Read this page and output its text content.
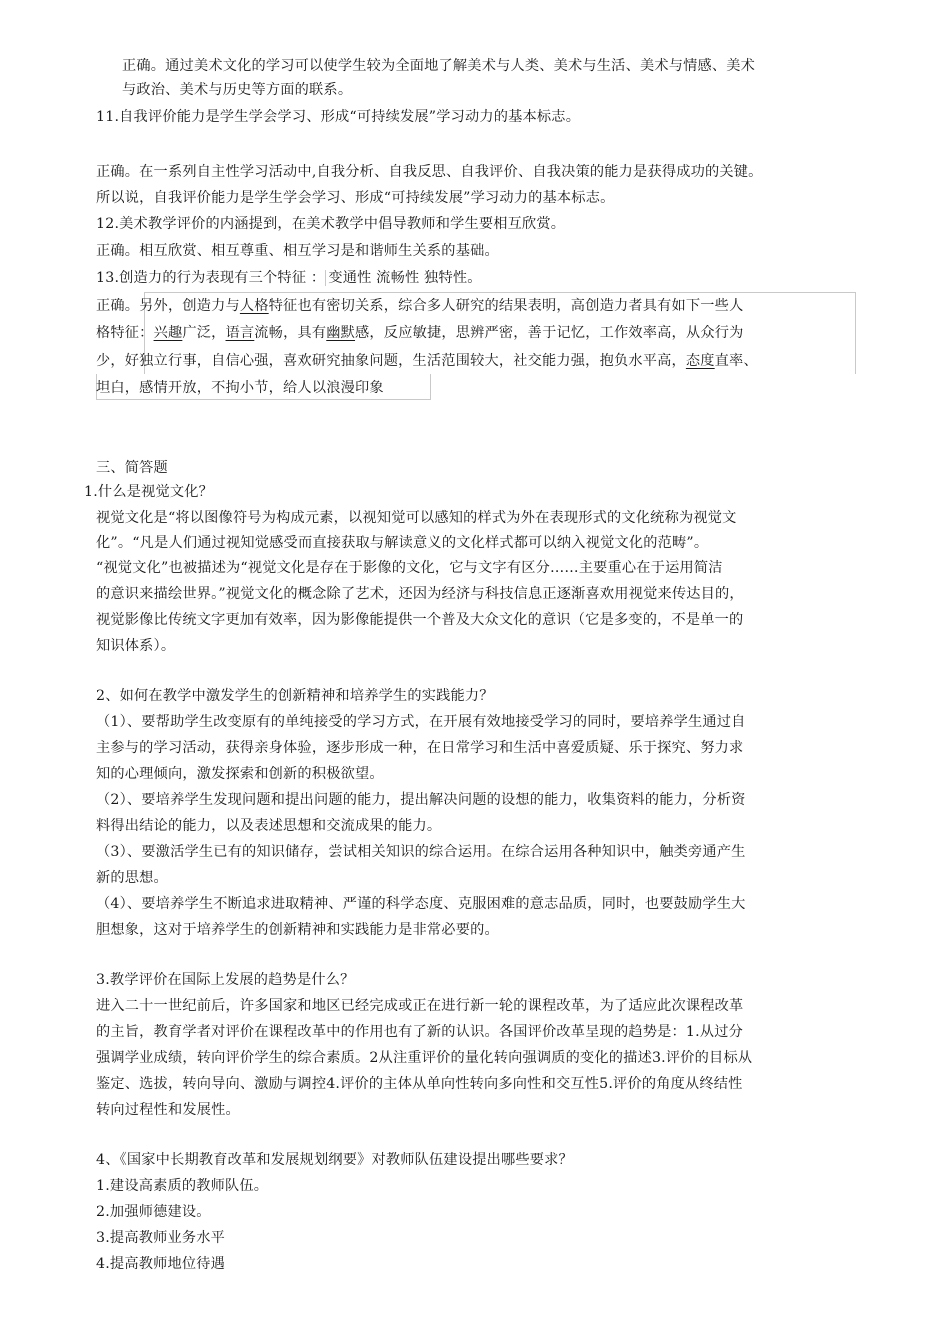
正确。通过美术文化的学习可以使学生较为全面地了解美术与人类、美术与生活、美术与情感、美术
与政治、美术与历史等方面的联系。
11.自我评价能力是学生学会学习、形成“可持续发展”学习动力的基本标志。
正确。在一系列自主性学习活动中,自我分析、自我反思、自我评价、自我决策的能力是获得成功的关键。
所以说，自我评价能力是学生学会学习、形成“可持续发展”学习动力的基本标志。
12.美术教学评价的内涵提到，在美术教学中倡导教师和学生要相互欣赏。
正确。相互欣赏、相互尊重、相互学习是和谐师生关系的基础。
13.创造力的行为表现有三个特征 ： 变通性 流畅性 独特性。
正确。另外，创造力与人格特征也有密切关系，综合多人研究的结果表明，高创造力者具有如下一些人
格特征：兴趣广泛，语言流畅，具有幽默感，反应敏捷，思辨严密，善于记忆，工作效率高，从众行为
少，好独立行事，自信心强，喜欢研究抽象问题，生活范围较大，社交能力强，抱负水平高，态度直率、
坦白，感情开放，不拘小节，给人以浪漫印象
三、简答题
1.什么是视觉文化？
视觉文化是“将以图像符号为构成元素，以视知觉可以感知的样式为外在表现形式的文化统称为视觉文
化”。“凡是人们通过视知觉感受而直接获取与解读意义的文化样式都可以纳入视觉文化的范畴”。
“视觉文化”也被描述为“视觉文化是存在于影像的文化，它与文字有区分……主要重心在于运用简洁
的意识来描绘世界。”视觉文化的概念除了艺术，还因为经济与科技信息正逐渐喜欢用视觉来传达目的，
视觉影像比传统文字更加有效率，因为影像能提供一个普及大众文化的意识（它是多变的，不是单一的
知识体系）。
2、如何在教学中激发学生的创新精神和培养学生的实践能力？
（1）、要帮助学生改变原有的单纯接受的学习方式，在开展有效地接受学习的同时，要培养学生通过自
主参与的学习活动，获得亲身体验，逐步形成一种，在日常学习和生活中喜爱质疑、乐于探究、努力求
知的心理倾向，激发探索和创新的积极欲望。
（2）、要培养学生发现问题和提出问题的能力，提出解决问题的设想的能力，收集资料的能力，分析资
料得出结论的能力，以及表述思想和交流成果的能力。
（3）、要激活学生已有的知识储存，尝试相关知识的综合运用。在综合运用各种知识中，触类旁通产生
新的思想。
（4）、要培养学生不断追求进取精神、严谨的科学态度、克服困难的意志品质，同时，也要鼓励学生大
胆想象，这对于培养学生的创新精神和实践能力是非常必要的。
3.教学评价在国际上发展的趋势是什么？
进入二十一世纪前后，许多国家和地区已经完成或正在进行新一轮的课程改革，为了适应此次课程改革
的主旨，教育学者对评价在课程改革中的作用也有了新的认识。各国评价改革呈现的趋势是：1.从过分
强调学业成绩，转向评价学生的综合素质。2从注重评价的量化转向强调质的变化的描述3.评价的目标从
鉴定、选拔，转向导向、激励与调控4.评价的主体从单向性转向多向性和交互性5.评价的角度从终结性
转向过程性和发展性。
4、《国家中长期教育改革和发展规划纲要》对教师队伍建设提出哪些要求？
1.建设高素质的教师队伍。
2.加强师德建设。
3.提高教师业务水平
4.提高教师地位待遇
